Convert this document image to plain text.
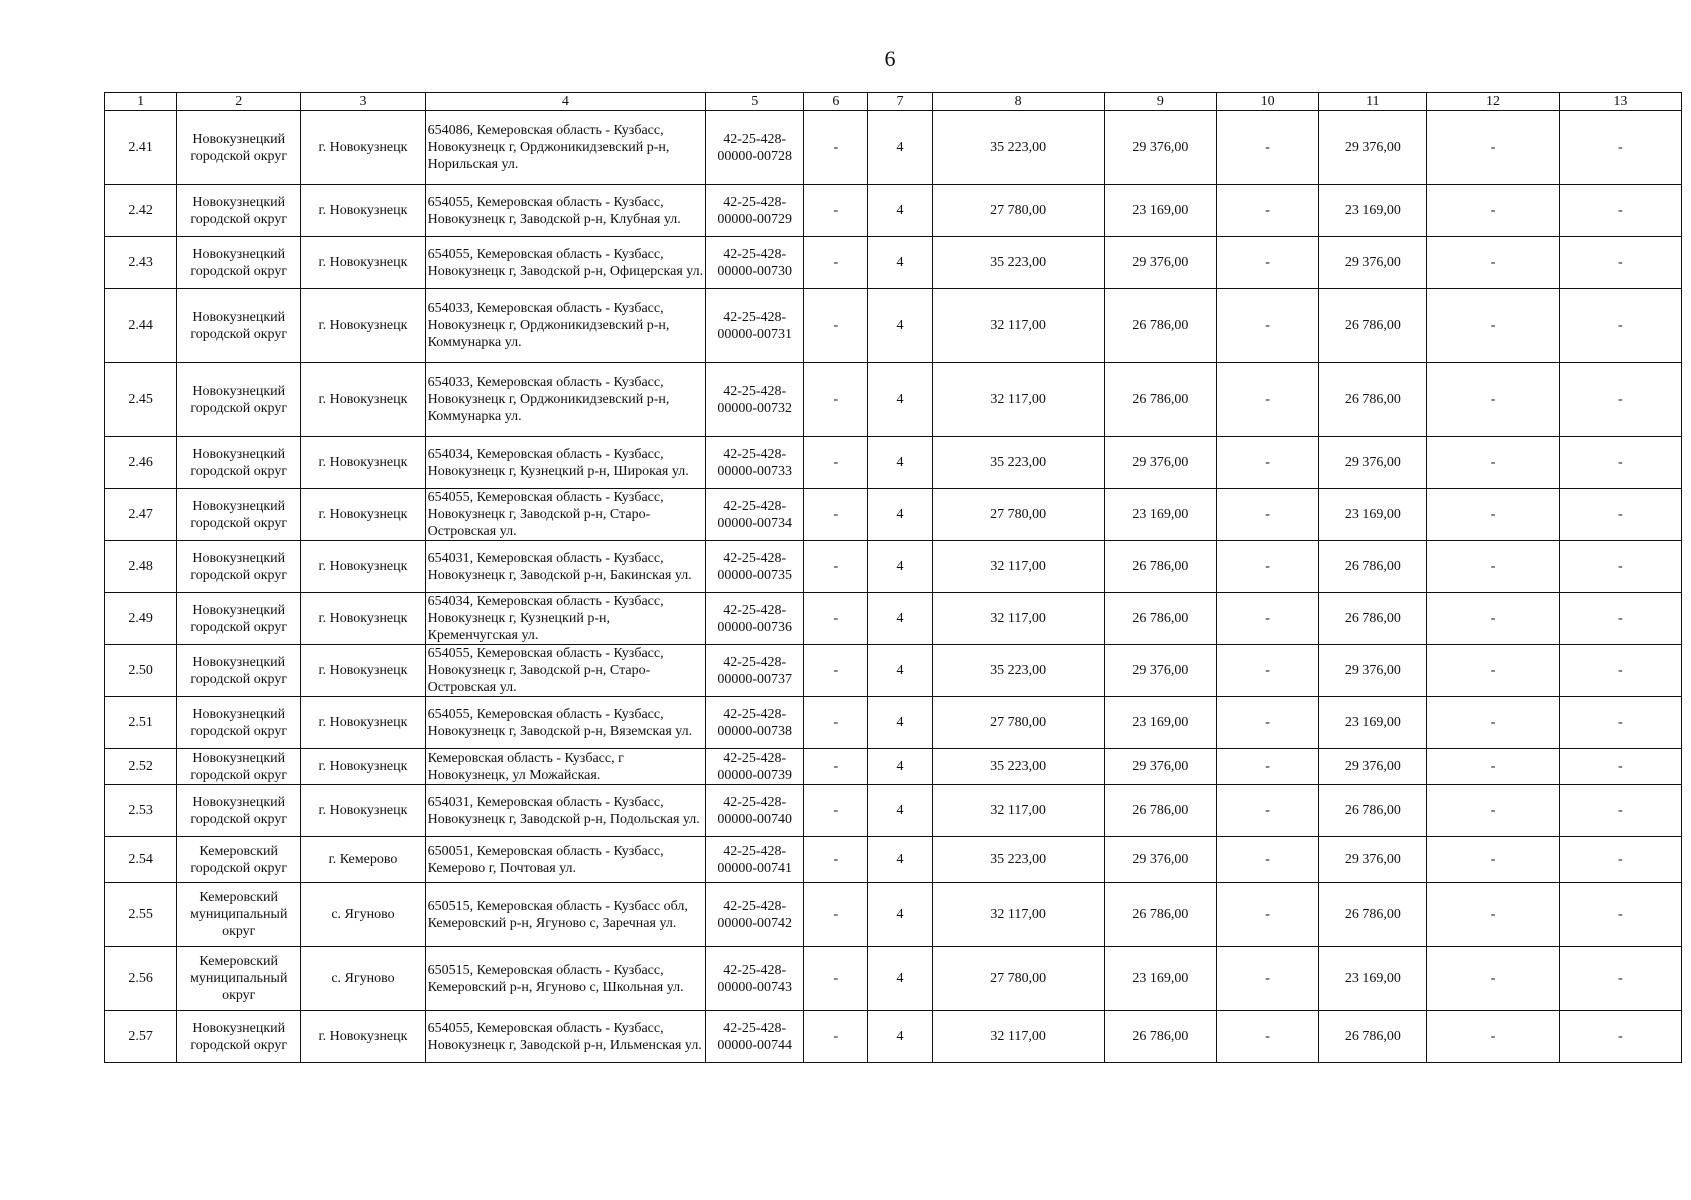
6
1	2	3	4	5	6	7	8	9	10	11	12	13
2.41	Новокузнецкий городской округ	г. Новокузнецк	654086, Кемеровская область - Кузбасс, Новокузнецк г, Орджоникидзевский р-н, Норильская ул.	42-25-428-00000-00728	-	4	35 223,00	29 376,00	-	29 376,00	-	-
2.42	Новокузнецкий городской округ	г. Новокузнецк	654055, Кемеровская область - Кузбасс, Новокузнецк г, Заводской р-н, Клубная ул.	42-25-428-00000-00729	-	4	27 780,00	23 169,00	-	23 169,00	-	-
2.43	Новокузнецкий городской округ	г. Новокузнецк	654055, Кемеровская область - Кузбасс, Новокузнецк г, Заводской р-н, Офицерская ул.	42-25-428-00000-00730	-	4	35 223,00	29 376,00	-	29 376,00	-	-
2.44	Новокузнецкий городской округ	г. Новокузнецк	654033, Кемеровская область - Кузбасс, Новокузнецк г, Орджоникидзевский р-н, Коммунарка ул.	42-25-428-00000-00731	-	4	32 117,00	26 786,00	-	26 786,00	-	-
2.45	Новокузнецкий городской округ	г. Новокузнецк	654033, Кемеровская область - Кузбасс, Новокузнецк г, Орджоникидзевский р-н, Коммунарка ул.	42-25-428-00000-00732	-	4	32 117,00	26 786,00	-	26 786,00	-	-
2.46	Новокузнецкий городской округ	г. Новокузнецк	654034, Кемеровская область - Кузбасс, Новокузнецк г, Кузнецкий р-н, Широкая ул.	42-25-428-00000-00733	-	4	35 223,00	29 376,00	-	29 376,00	-	-
2.47	Новокузнецкий городской округ	г. Новокузнецк	654055, Кемеровская область - Кузбасс, Новокузнецк г, Заводской р-н, Старо-Островская ул.	42-25-428-00000-00734	-	4	27 780,00	23 169,00	-	23 169,00	-	-
2.48	Новокузнецкий городской округ	г. Новокузнецк	654031, Кемеровская область - Кузбасс, Новокузнецк г, Заводской р-н, Бакинская ул.	42-25-428-00000-00735	-	4	32 117,00	26 786,00	-	26 786,00	-	-
2.49	Новокузнецкий городской округ	г. Новокузнецк	654034, Кемеровская область - Кузбасс, Новокузнецк г, Кузнецкий р-н, Кременчугская ул.	42-25-428-00000-00736	-	4	32 117,00	26 786,00	-	26 786,00	-	-
2.50	Новокузнецкий городской округ	г. Новокузнецк	654055, Кемеровская область - Кузбасс, Новокузнецк г, Заводской р-н, Старо-Островская ул.	42-25-428-00000-00737	-	4	35 223,00	29 376,00	-	29 376,00	-	-
2.51	Новокузнецкий городской округ	г. Новокузнецк	654055, Кемеровская область - Кузбасс, Новокузнецк г, Заводской р-н, Вяземская ул.	42-25-428-00000-00738	-	4	27 780,00	23 169,00	-	23 169,00	-	-
2.52	Новокузнецкий городской округ	г. Новокузнецк	Кемеровская область - Кузбасс, г Новокузнецк, ул Можайская.	42-25-428-00000-00739	-	4	35 223,00	29 376,00	-	29 376,00	-	-
2.53	Новокузнецкий городской округ	г. Новокузнецк	654031, Кемеровская область - Кузбасс, Новокузнецк г, Заводской р-н, Подольская ул.	42-25-428-00000-00740	-	4	32 117,00	26 786,00	-	26 786,00	-	-
2.54	Кемеровский городской округ	г. Кемерово	650051, Кемеровская область - Кузбасс, Кемерово г, Почтовая ул.	42-25-428-00000-00741	-	4	35 223,00	29 376,00	-	29 376,00	-	-
2.55	Кемеровский муниципальный округ	с. Ягуново	650515, Кемеровская область - Кузбасс обл, Кемеровский р-н, Ягуново с, Заречная ул.	42-25-428-00000-00742	-	4	32 117,00	26 786,00	-	26 786,00	-	-
2.56	Кемеровский муниципальный округ	с. Ягуново	650515, Кемеровская область - Кузбасс, Кемеровский р-н, Ягуново с, Школьная ул.	42-25-428-00000-00743	-	4	27 780,00	23 169,00	-	23 169,00	-	-
2.57	Новокузнецкий городской округ	г. Новокузнецк	654055, Кемеровская область - Кузбасс, Новокузнецк г, Заводской р-н, Ильменская ул.	42-25-428-00000-00744	-	4	32 117,00	26 786,00	-	26 786,00	-	-
